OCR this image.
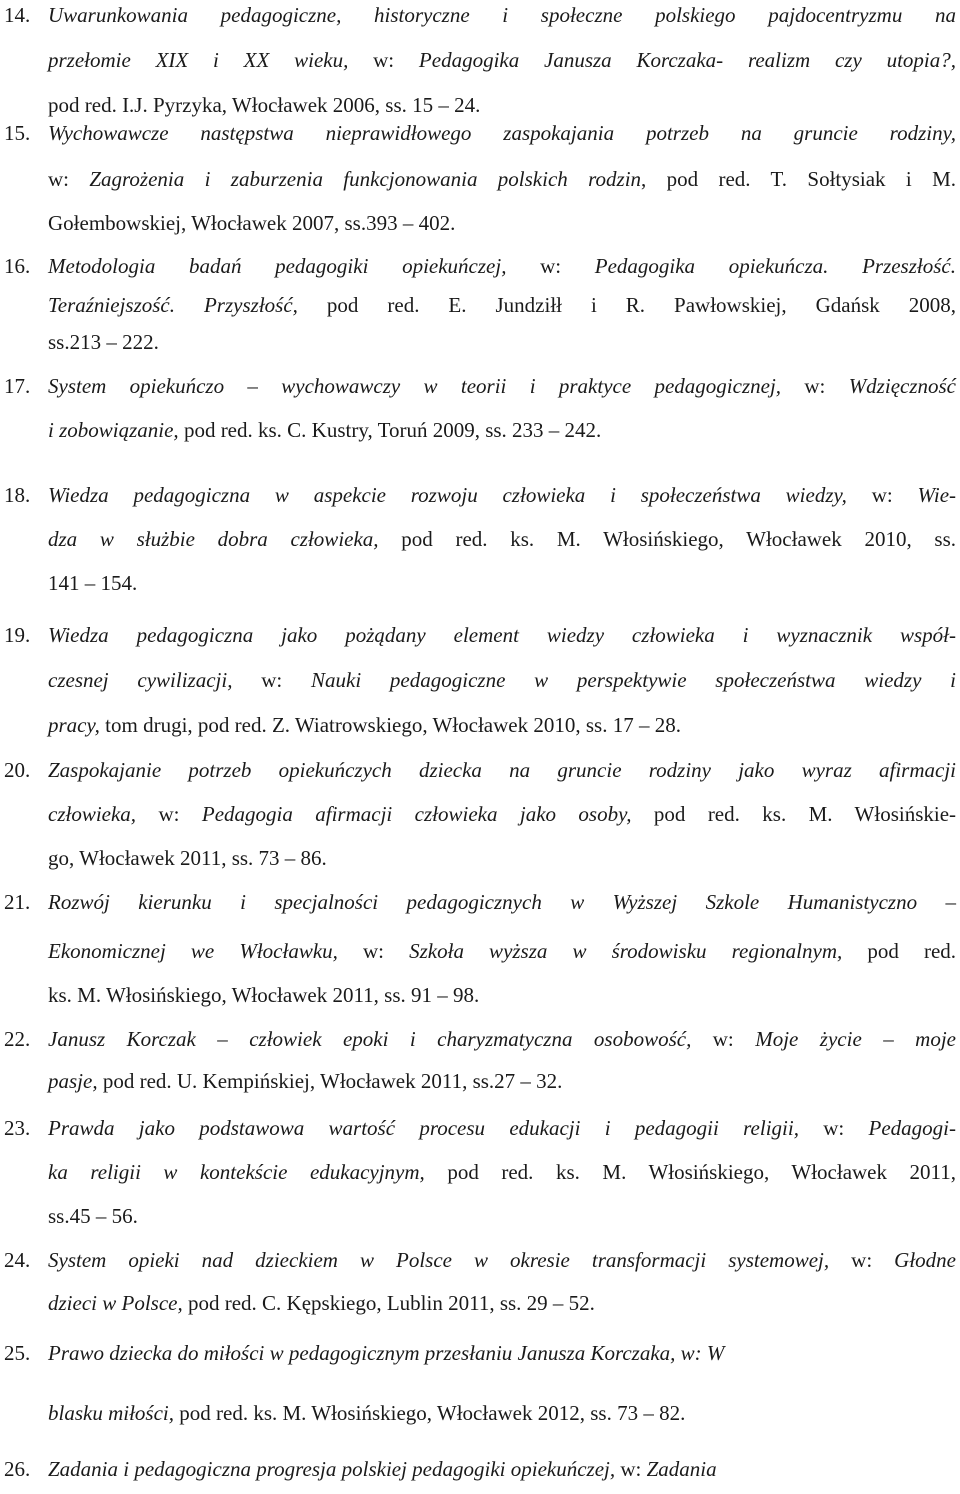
14. Uwarunkowania pedagogiczne, historyczne i społeczne polskiego pajdocentryzmu na
przełomie XIX i XX wieku, w: Pedagogika Janusza Korczaka- realizm czy utopia?,
pod red. I.J. Pyrzyka, Włocławek 2006, ss. 15 – 24.
15. Wychowawcze następstwa nieprawidłowego zaspokajania potrzeb na gruncie rodziny,
w: Zagrożenia i zaburzenia funkcjonowania polskich rodzin, pod red. T. Sołtysiak i M.
Gołembowskiej, Włocławek 2007, ss.393 – 402.
16. Metodologia badań pedagogiki opiekuńczej, w: Pedagogika opiekuńcza. Przeszłość.
Teraźniejszość. Przyszłość, pod red. E. Jundziłł i R. Pawłowskiej, Gdańsk 2008,
ss.213 – 222.
17. System opiekuńczo – wychowawczy w teorii i praktyce pedagogicznej, w: Wdzięczność
i zobowiązanie, pod red. ks. C. Kustry, Toruń 2009, ss. 233 – 242.
18. Wiedza pedagogiczna w aspekcie rozwoju człowieka i społeczeństwa wiedzy, w: Wie-
dza w służbie dobra człowieka, pod red. ks. M. Włosińskiego, Włocławek 2010, ss.
141 – 154.
19. Wiedza pedagogiczna jako pożądany element wiedzy człowieka i wyznacznik współ-
czesnej cywilizacji, w: Nauki pedagogiczne w perspektywie społeczeństwa wiedzy i
pracy, tom drugi, pod red. Z. Wiatrowskiego, Włocławek 2010, ss. 17 – 28.
20. Zaspokajanie potrzeb opiekuńczych dziecka na gruncie rodziny jako wyraz afirmacji
człowieka, w: Pedagogia afirmacji człowieka jako osoby, pod red. ks. M. Włosińskie-
go, Włocławek 2011, ss. 73 – 86.
21. Rozwój kierunku i specjalności pedagogicznych w Wyższej Szkole Humanistyczno –
Ekonomicznej we Włocławku, w: Szkoła wyższa w środowisku regionalnym, pod red.
ks. M. Włosińskiego, Włocławek 2011, ss. 91 – 98.
22. Janusz Korczak – człowiek epoki i charyzmatyczna osobowość, w: Moje życie – moje
pasje, pod red. U. Kempińskiej, Włocławek 2011, ss.27 – 32.
23. Prawda jako podstawowa wartość procesu edukacji i pedagogii religii, w: Pedagogi-
ka religii w kontekście edukacyjnym, pod red. ks. M. Włosińskiego, Włocławek 2011,
ss.45 – 56.
24. System opieki nad dzieckiem w Polsce w okresie transformacji systemowej, w: Głodne
dzieci w Polsce, pod red. C. Kępskiego, Lublin 2011, ss. 29 – 52.
25. Prawo dziecka do miłości w pedagogicznym przesłaniu Janusza Korczaka, w: W
blasku miłości, pod red. ks. M. Włosińskiego, Włocławek 2012, ss. 73 – 82.
26. Zadania i pedagogiczna progresja polskiej pedagogiki opiekuńczej, w: Zadania
